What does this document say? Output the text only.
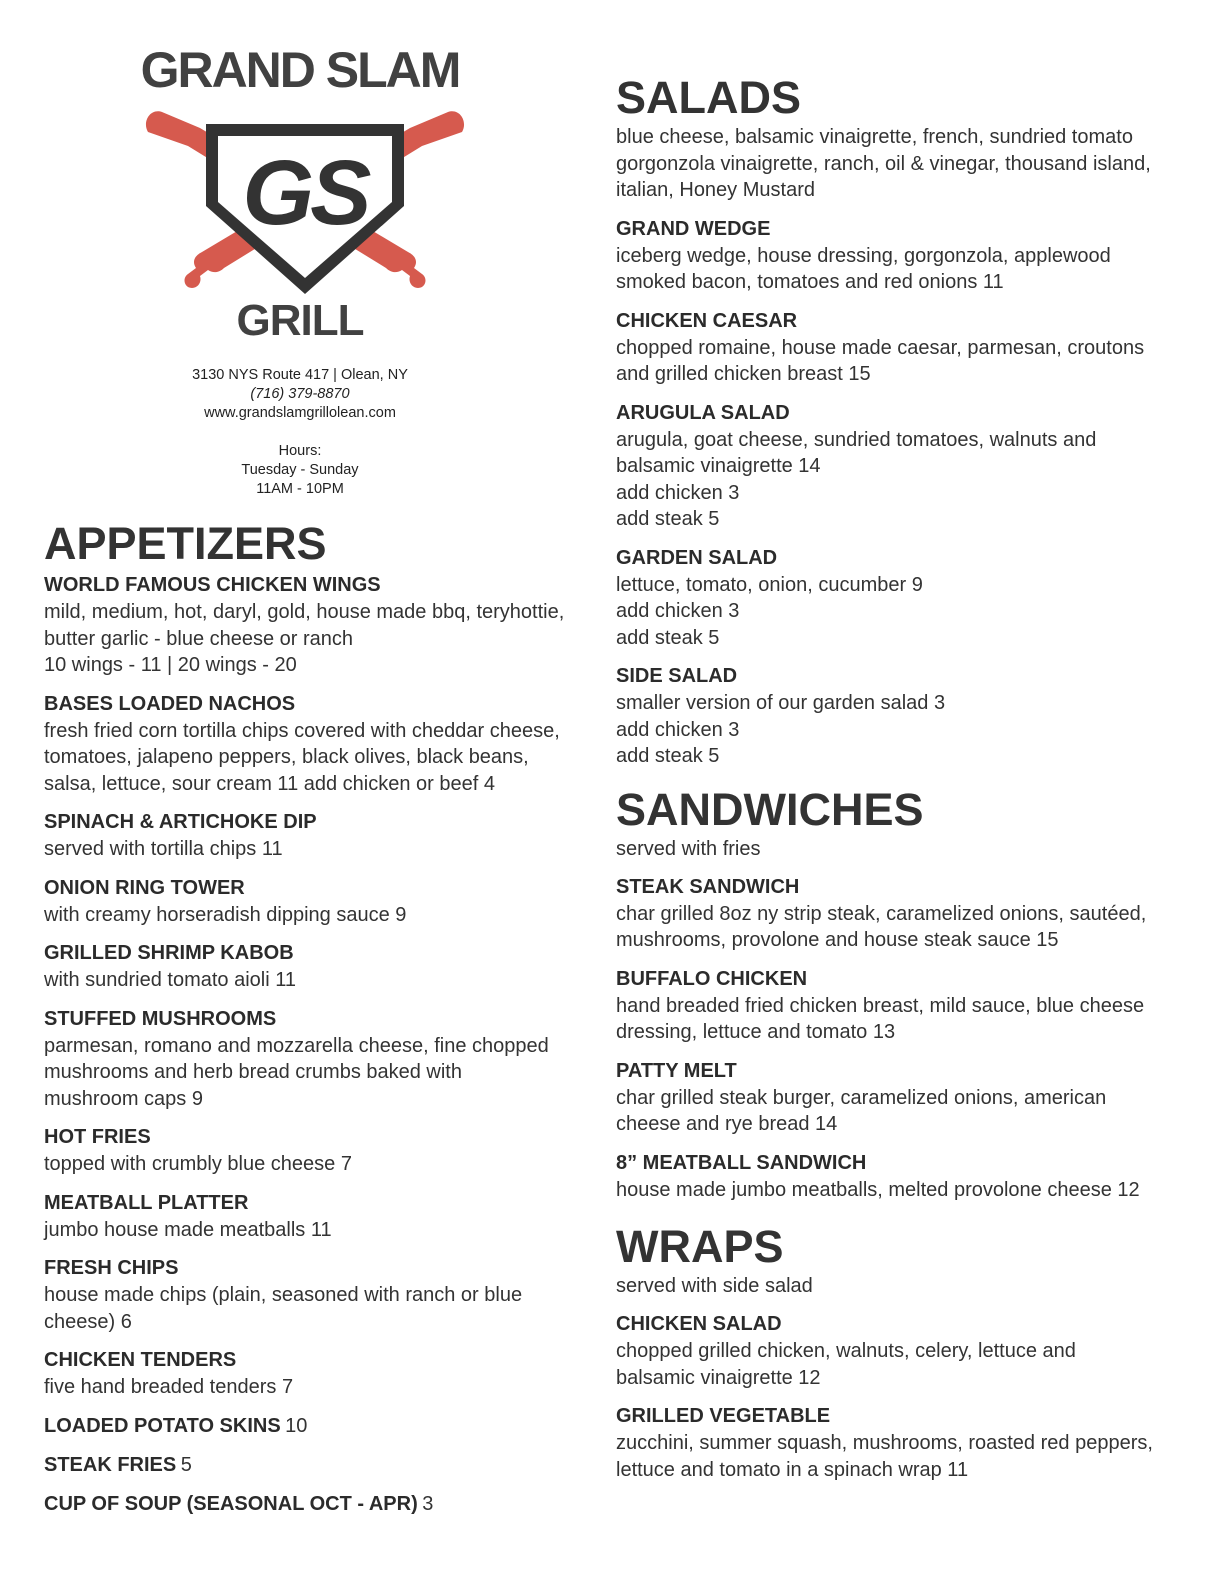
GRAND SLAM
GS
GRILL
3130 NYS Route 417 | Olean, NY
(716) 379-8870
www.grandslamgrillolean.com
Hours:
Tuesday - Sunday
11AM - 10PM
APPETIZERS
WORLD FAMOUS CHICKEN WINGS
mild, medium, hot, daryl, gold, house made bbq, teryhottie,
butter garlic - blue cheese or ranch
10 wings - 11 | 20 wings - 20
BASES LOADED NACHOS
fresh fried corn tortilla chips covered with cheddar cheese,
tomatoes, jalapeno peppers, black olives, black beans,
salsa, lettuce, sour cream 11 add chicken or beef 4
SPINACH & ARTICHOKE DIP
served with tortilla chips 11
ONION RING TOWER
with creamy horseradish dipping sauce 9
GRILLED SHRIMP KABOB
with sundried tomato aioli 11
STUFFED MUSHROOMS
parmesan, romano and mozzarella cheese, fine chopped
mushrooms and herb bread crumbs baked with
mushroom caps 9
HOT FRIES
topped with crumbly blue cheese 7
MEATBALL PLATTER
jumbo house made meatballs 11
FRESH CHIPS
house made chips (plain, seasoned with ranch or blue
cheese) 6
CHICKEN TENDERS
five hand breaded tenders 7
LOADED POTATO SKINS 10
STEAK FRIES 5
CUP OF SOUP (SEASONAL OCT - APR) 3
SALADS
blue cheese, balsamic vinaigrette, french, sundried tomato
gorgonzola vinaigrette, ranch, oil & vinegar, thousand island,
italian, Honey Mustard
GRAND WEDGE
iceberg wedge, house dressing, gorgonzola, applewood
smoked bacon, tomatoes and red onions 11
CHICKEN CAESAR
chopped romaine, house made caesar, parmesan, croutons
and grilled chicken breast 15
ARUGULA SALAD
arugula, goat cheese, sundried tomatoes, walnuts and
balsamic vinaigrette 14
add chicken 3
add steak 5
GARDEN SALAD
lettuce, tomato, onion, cucumber 9
add chicken 3
add steak 5
SIDE SALAD
smaller version of our garden salad 3
add chicken 3
add steak 5
SANDWICHES
served with fries
STEAK SANDWICH
char grilled 8oz ny strip steak, caramelized onions, sautéed,
mushrooms, provolone and house steak sauce 15
BUFFALO CHICKEN
hand breaded fried chicken breast, mild sauce, blue cheese
dressing, lettuce and tomato 13
PATTY MELT
char grilled steak burger, caramelized onions, american
cheese and rye bread 14
8” MEATBALL SANDWICH
house made jumbo meatballs, melted provolone cheese 12
WRAPS
served with side salad
CHICKEN SALAD
chopped grilled chicken, walnuts, celery, lettuce and
balsamic vinaigrette 12
GRILLED VEGETABLE
zucchini, summer squash, mushrooms, roasted red peppers,
lettuce and tomato in a spinach wrap 11
